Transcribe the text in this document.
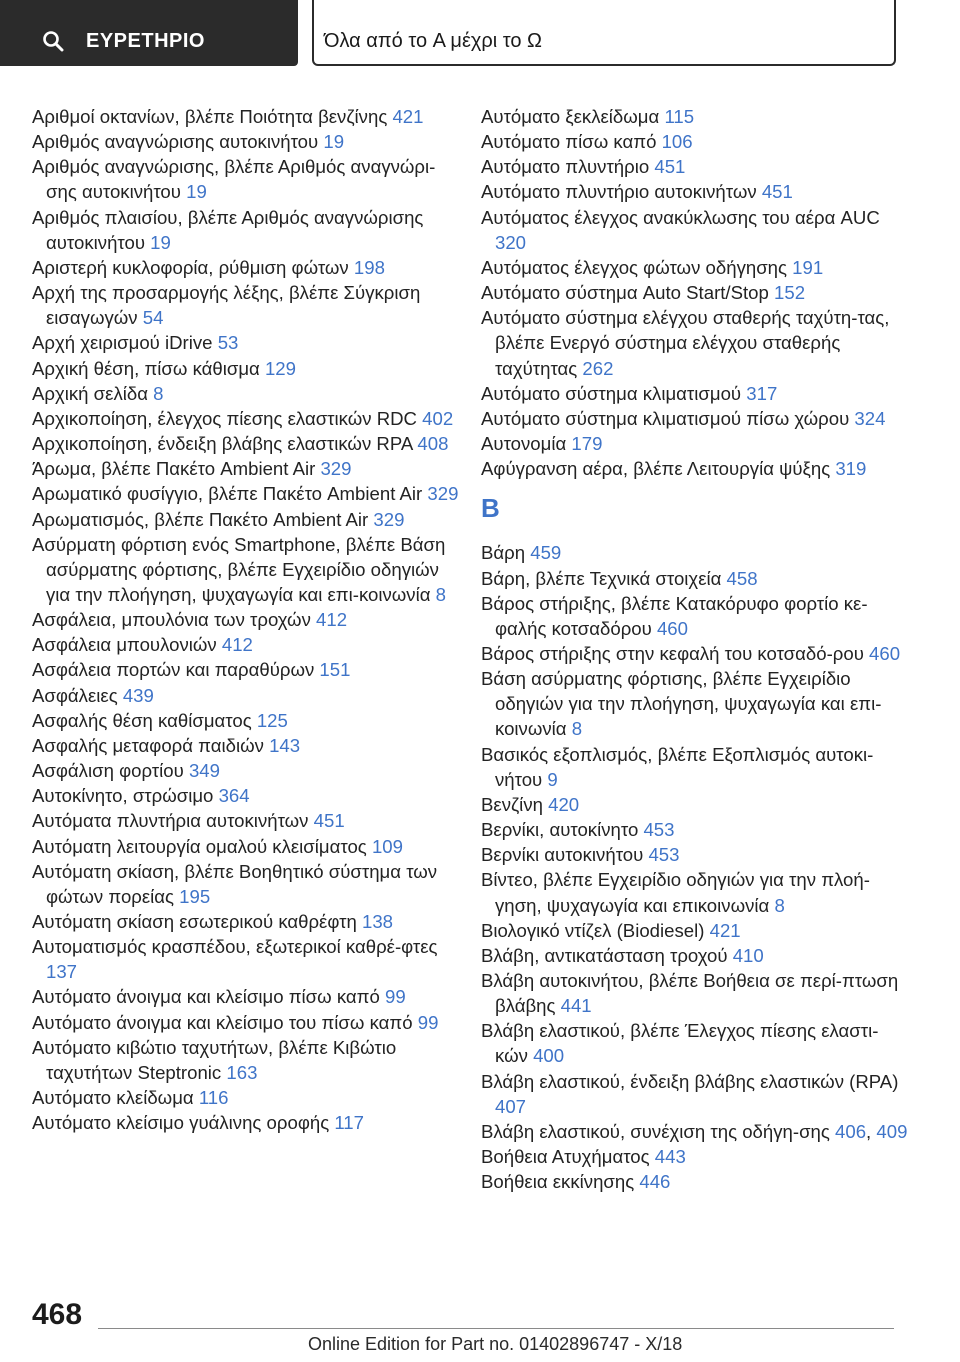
ΕΥΡΕΤΗΡΙΟ	Όλα από το A μέχρι το Ω
Αριθμοί οκτανίων, βλέπε Ποιότητα βενζίνης 421
Αριθμός αναγνώρισης αυτοκινήτου 19
Αριθμός αναγνώρισης, βλέπε Αριθμός αναγνώρι‐σης αυτοκινήτου 19
Αριθμός πλαισίου, βλέπε Αριθμός αναγνώρισης αυτοκινήτου 19
Αριστερή κυκλοφορία, ρύθμιση φώτων 198
Αρχή της προσαρμογής λέξης, βλέπε Σύγκριση εισαγωγών 54
Αρχή χειρισμού iDrive 53
Αρχική θέση, πίσω κάθισμα 129
Αρχική σελίδα 8
Αρχικοποίηση, έλεγχος πίεσης ελαστικών RDC 402
Αρχικοποίηση, ένδειξη βλάβης ελαστικών RPA 408
Άρωμα, βλέπε Πακέτο Ambient Air 329
Αρωματικό φυσίγγιο, βλέπε Πακέτο Ambient Air 329
Αρωματισμός, βλέπε Πακέτο Ambient Air 329
Ασύρματη φόρτιση ενός Smartphone, βλέπε Βάση ασύρματης φόρτισης, βλέπε Εγχειρίδιο οδηγιών για την πλοήγηση, ψυχαγωγία και επι‐κοινωνία 8
Ασφάλεια, μπουλόνια των τροχών 412
Ασφάλεια μπουλονιών 412
Ασφάλεια πορτών και παραθύρων 151
Ασφάλειες 439
Ασφαλής θέση καθίσματος 125
Ασφαλής μεταφορά παιδιών 143
Ασφάλιση φορτίου 349
Αυτοκίνητο, στρώσιμο 364
Αυτόματα πλυντήρια αυτοκινήτων 451
Αυτόματη λειτουργία ομαλού κλεισίματος 109
Αυτόματη σκίαση, βλέπε Βοηθητικό σύστημα των φώτων πορείας 195
Αυτόματη σκίαση εσωτερικού καθρέφτη 138
Αυτοματισμός κρασπέδου, εξωτερικοί καθρέ‐φτες 137
Αυτόματο άνοιγμα και κλείσιμο πίσω καπό 99
Αυτόματο άνοιγμα και κλείσιμο του πίσω καπό 99
Αυτόματο κιβώτιο ταχυτήτων, βλέπε Κιβώτιο ταχυτήτων Steptronic 163
Αυτόματο κλείδωμα 116
Αυτόματο κλείσιμο γυάλινης οροφής 117
Αυτόματο ξεκλείδωμα 115
Αυτόματο πίσω καπό 106
Αυτόματο πλυντήριο 451
Αυτόματο πλυντήριο αυτοκινήτων 451
Αυτόματος έλεγχος ανακύκλωσης του αέρα AUC 320
Αυτόματος έλεγχος φώτων οδήγησης 191
Αυτόματο σύστημα Auto Start/Stop 152
Αυτόματο σύστημα ελέγχου σταθερής ταχύτη‐τας, βλέπε Ενεργό σύστημα ελέγχου σταθερής ταχύτητας 262
Αυτόματο σύστημα κλιματισμού 317
Αυτόματο σύστημα κλιματισμού πίσω χώρου 324
Αυτονομία 179
Αφύγρανση αέρα, βλέπε Λειτουργία ψύξης 319
B
Βάρη 459
Βάρη, βλέπε Τεχνικά στοιχεία 458
Βάρος στήριξης, βλέπε Κατακόρυφο φορτίο κε‐φαλής κοτσαδόρου 460
Βάρος στήριξης στην κεφαλή του κοτσαδό‐ρου 460
Βάση ασύρματης φόρτισης, βλέπε Εγχειρίδιο οδηγιών για την πλοήγηση, ψυχαγωγία και επι‐κοινωνία 8
Βασικός εξοπλισμός, βλέπε Εξοπλισμός αυτοκι‐νήτου 9
Βενζίνη 420
Βερνίκι, αυτοκίνητο 453
Βερνίκι αυτοκινήτου 453
Βίντεο, βλέπε Εγχειρίδιο οδηγιών για την πλοή‐γηση, ψυχαγωγία και επικοινωνία 8
Βιολογικό ντίζελ (Biodiesel) 421
Βλάβη, αντικατάσταση τροχού 410
Βλάβη αυτοκινήτου, βλέπε Βοήθεια σε περί‐πτωση βλάβης 441
Βλάβη ελαστικού, βλέπε Έλεγχος πίεσης ελαστι‐κών 400
Βλάβη ελαστικού, ένδειξη βλάβης ελαστικών (RPA) 407
Βλάβη ελαστικού, συνέχιση της οδήγη‐σης 406, 409
Βοήθεια Ατυχήματος 443
Βοήθεια εκκίνησης 446
468
Online Edition for Part no. 01402896747 - X/18
